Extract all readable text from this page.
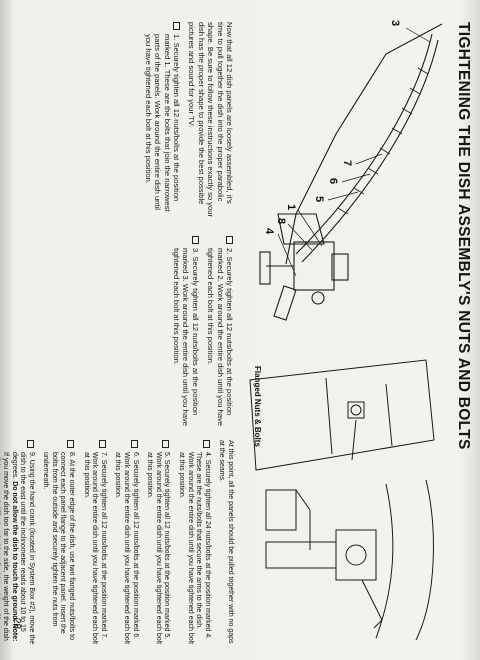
TIGHTENING THE DISH ASSEMBLY'S NUTS AND BOLTS
3
7
6
5
1
8
4
Flanged Nuts & Bolts

Now that all 12 dish panels are loosely assembled, it's time to pull together the dish into the proper parabolic shape. Be sure to follow these instructions exactly so your dish has the proper shape to provide the best possible pictures and sound for your TV.

1. Securely tighten all 12 nuts/bolts at the position marked 1. These are the bolts that join the narrowest parts of the panels. Work around the entire dish until you have tightened each bolt at this position.
2. Securely tighten all 12 nuts/bolts at the position marked 2. Work around the entire dish until you have tightened each bolt at this position.
3. Securely tighten all 12 nuts/bolts at the position marked 3. Work around the entire dish until you have tightened each bolt at this position.

At this point, all the panels should be pulled together with no gaps at the seams.

4. Securely tighten all 24 nuts/bolts at the position marked 4. These are the nuts/bolts that secure the arms to the dish. Work around the entire dish until you have tightened each bolt at this position.
5. Securely tighten all 12 nuts/bolts at the position marked 5. Work around the entire dish until you have tightened each bolt at this position.
6. Securely tighten all 12 nuts/bolts at the position marked 6. Work around the entire dish until you have tightened each bolt at this position.
7. Securely tighten all 12 nuts/bolts at the position marked 7. Work around the entire dish until you have tightened each bolt at this position.
8. At the outer edge of the dish, use two flanged nuts/bolts to connect each panel flange to the adjacent panel. Insert the bolts from the outside and securely tighten the nuts from underneath.
9. Using the hand crank (located in System Box #2), move the dish to the east until the inclinometer reads about 10 to 15 degrees. Do not allow the dish to touch the ground. Note: If you move the dish too far to the side, the weight of the dish
28
